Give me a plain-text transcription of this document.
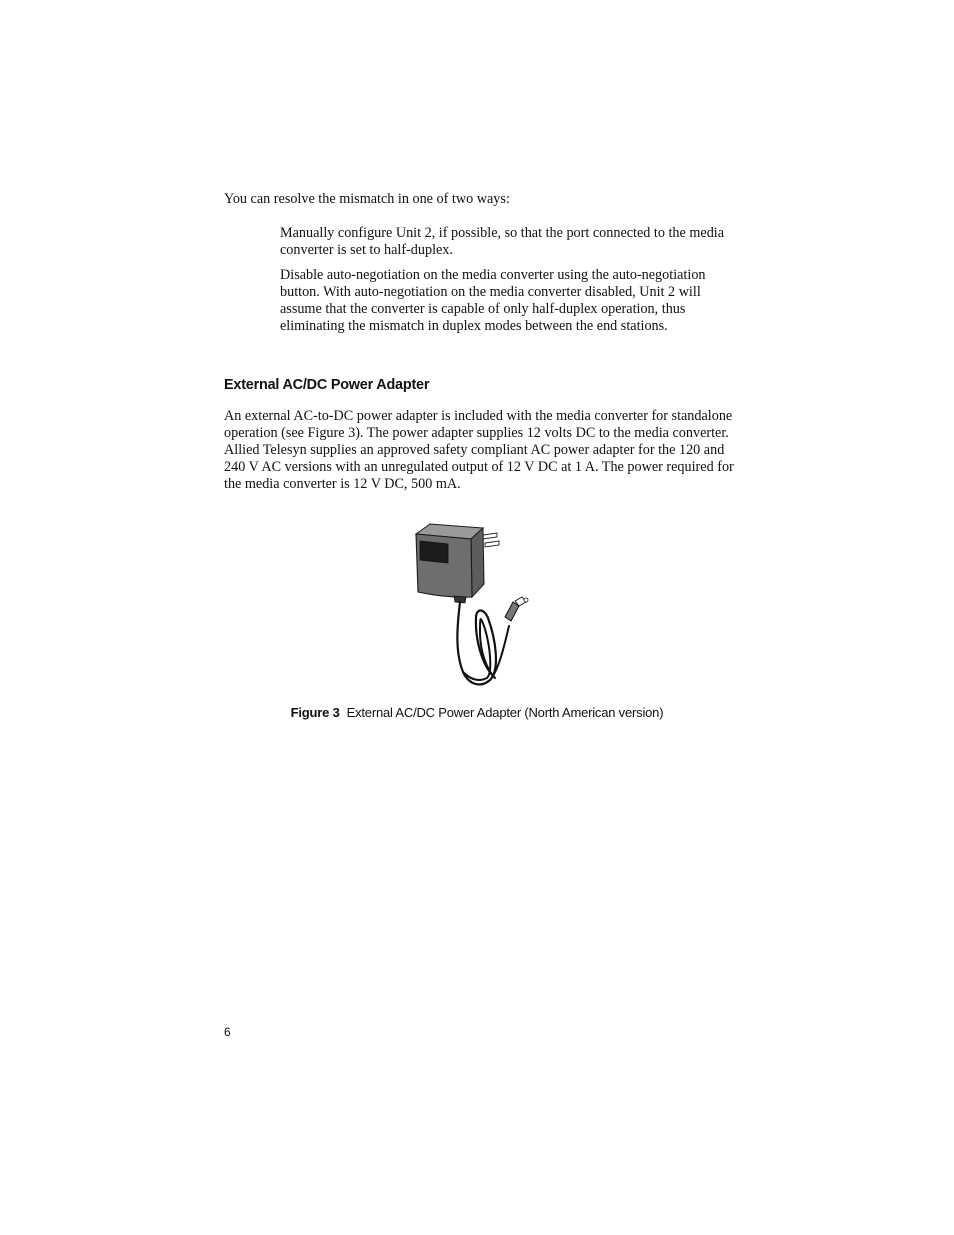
You can resolve the mismatch in one of two ways:

Manually configure Unit 2, if possible, so that the port connected to the media converter is set to half-duplex.

Disable auto-negotiation on the media converter using the auto-negotiation button. With auto-negotiation on the media converter disabled, Unit 2 will assume that the converter is capable of only half-duplex operation, thus eliminating the mismatch in duplex modes between the end stations.

External AC/DC Power Adapter

An external AC-to-DC power adapter is included with the media converter for standalone operation (see Figure 3). The power adapter supplies 12 volts DC to the media converter. Allied Telesyn supplies an approved safety compliant AC power adapter for the 120 and 240 V AC versions with an unregulated output of 12 V DC at 1 A. The power required for the media converter is 12 V DC, 500 mA.

Figure 3 External AC/DC Power Adapter (North American version)
6
